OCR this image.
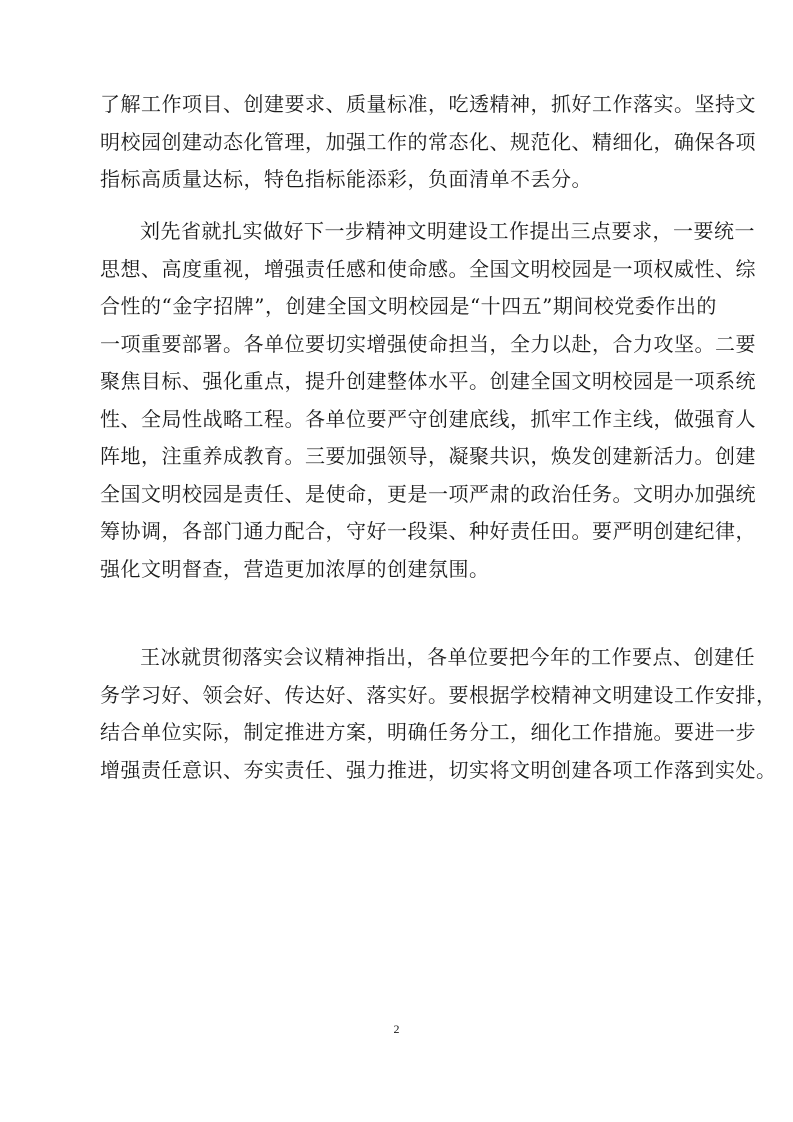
了解工作项目、创建要求、质量标准，吃透精神，抓好工作落实。坚持文
明校园创建动态化管理，加强工作的常态化、规范化、精细化，确保各项
指标高质量达标，特色指标能添彩，负面清单不丢分。
刘先省就扎实做好下一步精神文明建设工作提出三点要求，一要统一
思想、高度重视，增强责任感和使命感。全国文明校园是一项权威性、综
合性的“金字招牌”，创建全国文明校园是“十四五”期间校党委作出的
一项重要部署。各单位要切实增强使命担当，全力以赴，合力攻坚。二要
聚焦目标、强化重点，提升创建整体水平。创建全国文明校园是一项系统
性、全局性战略工程。各单位要严守创建底线，抓牢工作主线，做强育人
阵地，注重养成教育。三要加强领导，凝聚共识，焕发创建新活力。创建
全国文明校园是责任、是使命，更是一项严肃的政治任务。文明办加强统
筹协调，各部门通力配合，守好一段渠、种好责任田。要严明创建纪律，
强化文明督查，营造更加浓厚的创建氛围。
王冰就贯彻落实会议精神指出，各单位要把今年的工作要点、创建任
务学习好、领会好、传达好、落实好。要根据学校精神文明建设工作安排，
结合单位实际，制定推进方案，明确任务分工，细化工作措施。要进一步
增强责任意识、夯实责任、强力推进，切实将文明创建各项工作落到实处。
2
